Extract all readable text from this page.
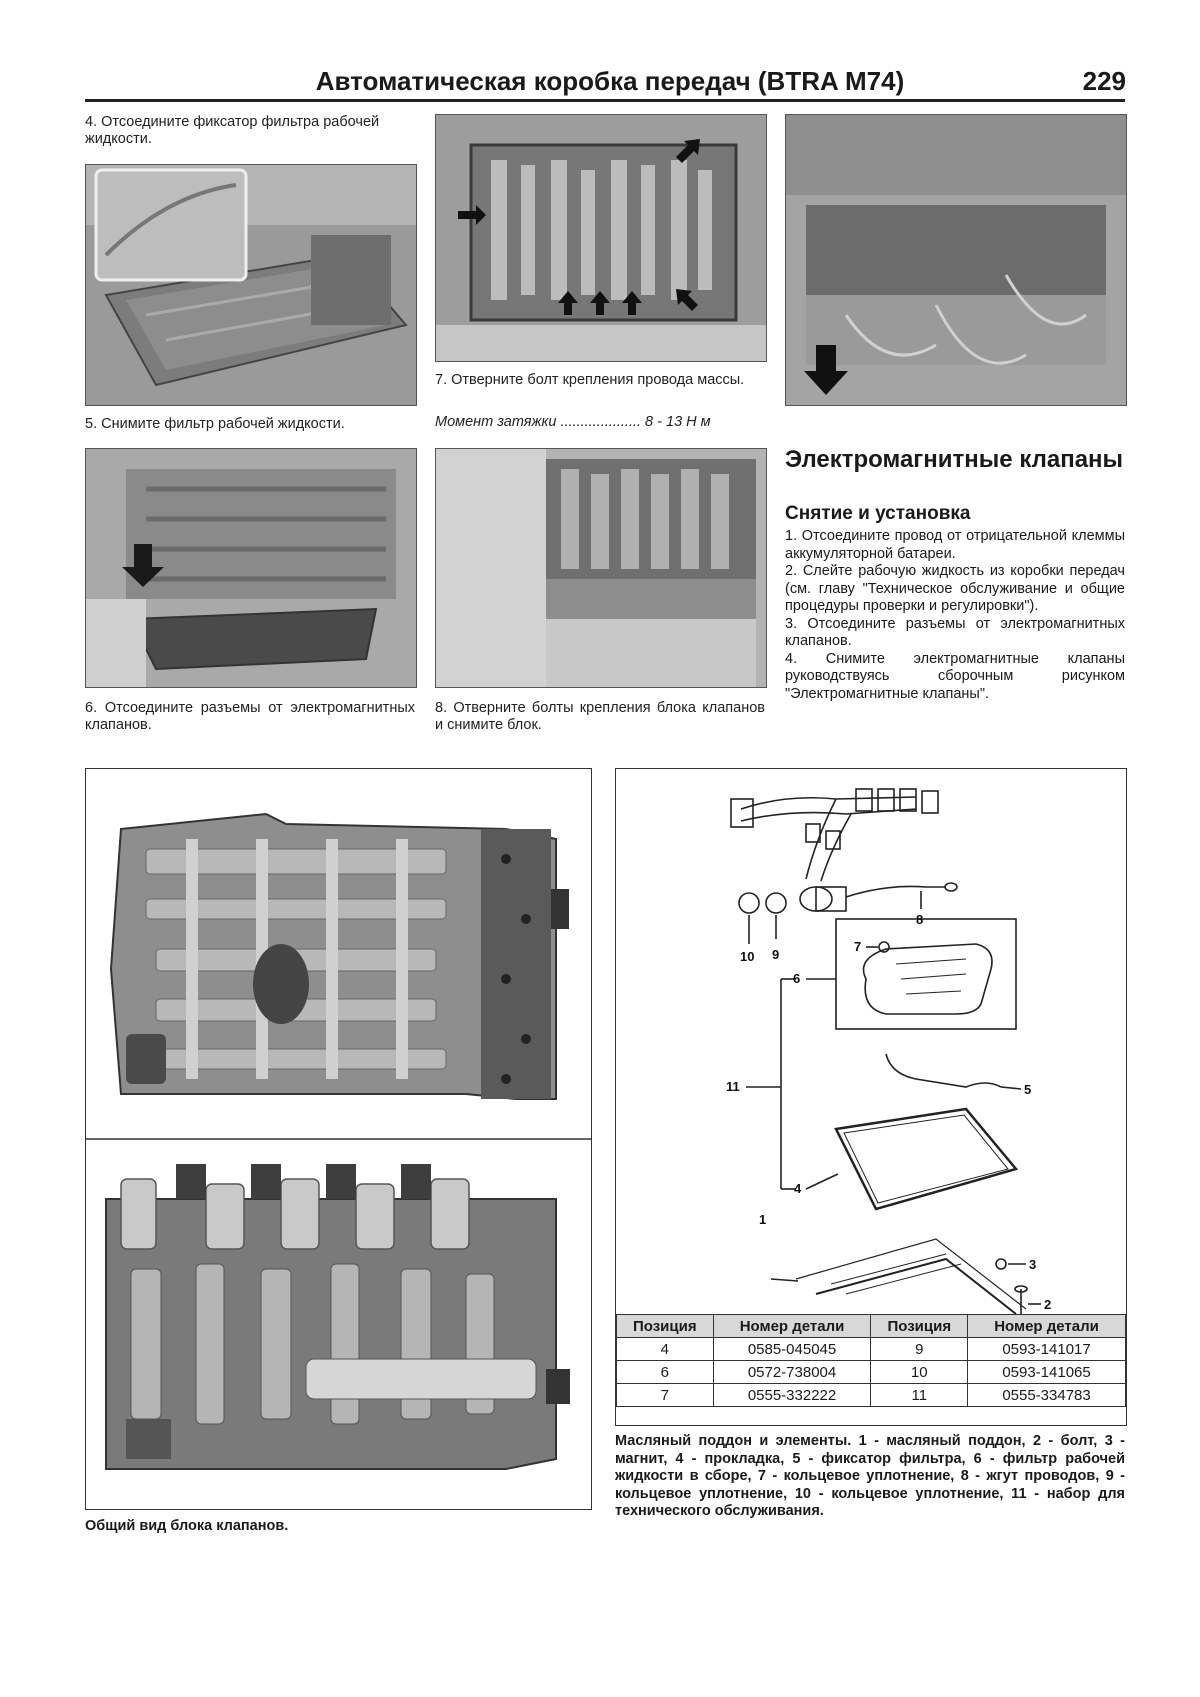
Автоматическая коробка передач (BTRA M74)	229
4. Отсоедините фиксатор фильтра рабочей жидкости.
5. Снимите фильтр рабочей жидкости.
6. Отсоедините разъемы от электромагнитных клапанов.
7. Отверните болт крепления провода массы.
Момент затяжки .................... 8 - 13 Н м
8. Отверните болты крепления блока клапанов и снимите блок.
Электромагнитные клапаны
Снятие и установка

1. Отсоедините провод от отрицательной клеммы аккумуляторной батареи.

2. Слейте рабочую жидкость из коробки передач (см. главу "Техническое обслуживание и общие процедуры проверки и регулировки").

3. Отсоедините разъемы от электромагнитных клапанов.

4. Снимите электромагнитные клапаны руководствуясь сборочным рисунком "Электромагнитные клапаны".

Общий вид блока клапанов.
1
2
3
4
5
6
7
8
9
10
11
Позиция	Номер детали	Позиция	Номер детали
4	0585-045045	9	0593-141017
6	0572-738004	10	0593-141065
7	0555-332222	11	0555-334783
Масляный поддон и элементы. 1 - масляный поддон, 2 - болт, 3 - магнит, 4 - прокладка, 5 - фиксатор фильтра, 6 - фильтр рабочей жидкости в сборе, 7 - кольцевое уплотнение, 8 - жгут проводов, 9 - кольцевое уплотнение, 10 - кольцевое уплотнение, 11 - набор для технического обслуживания.
